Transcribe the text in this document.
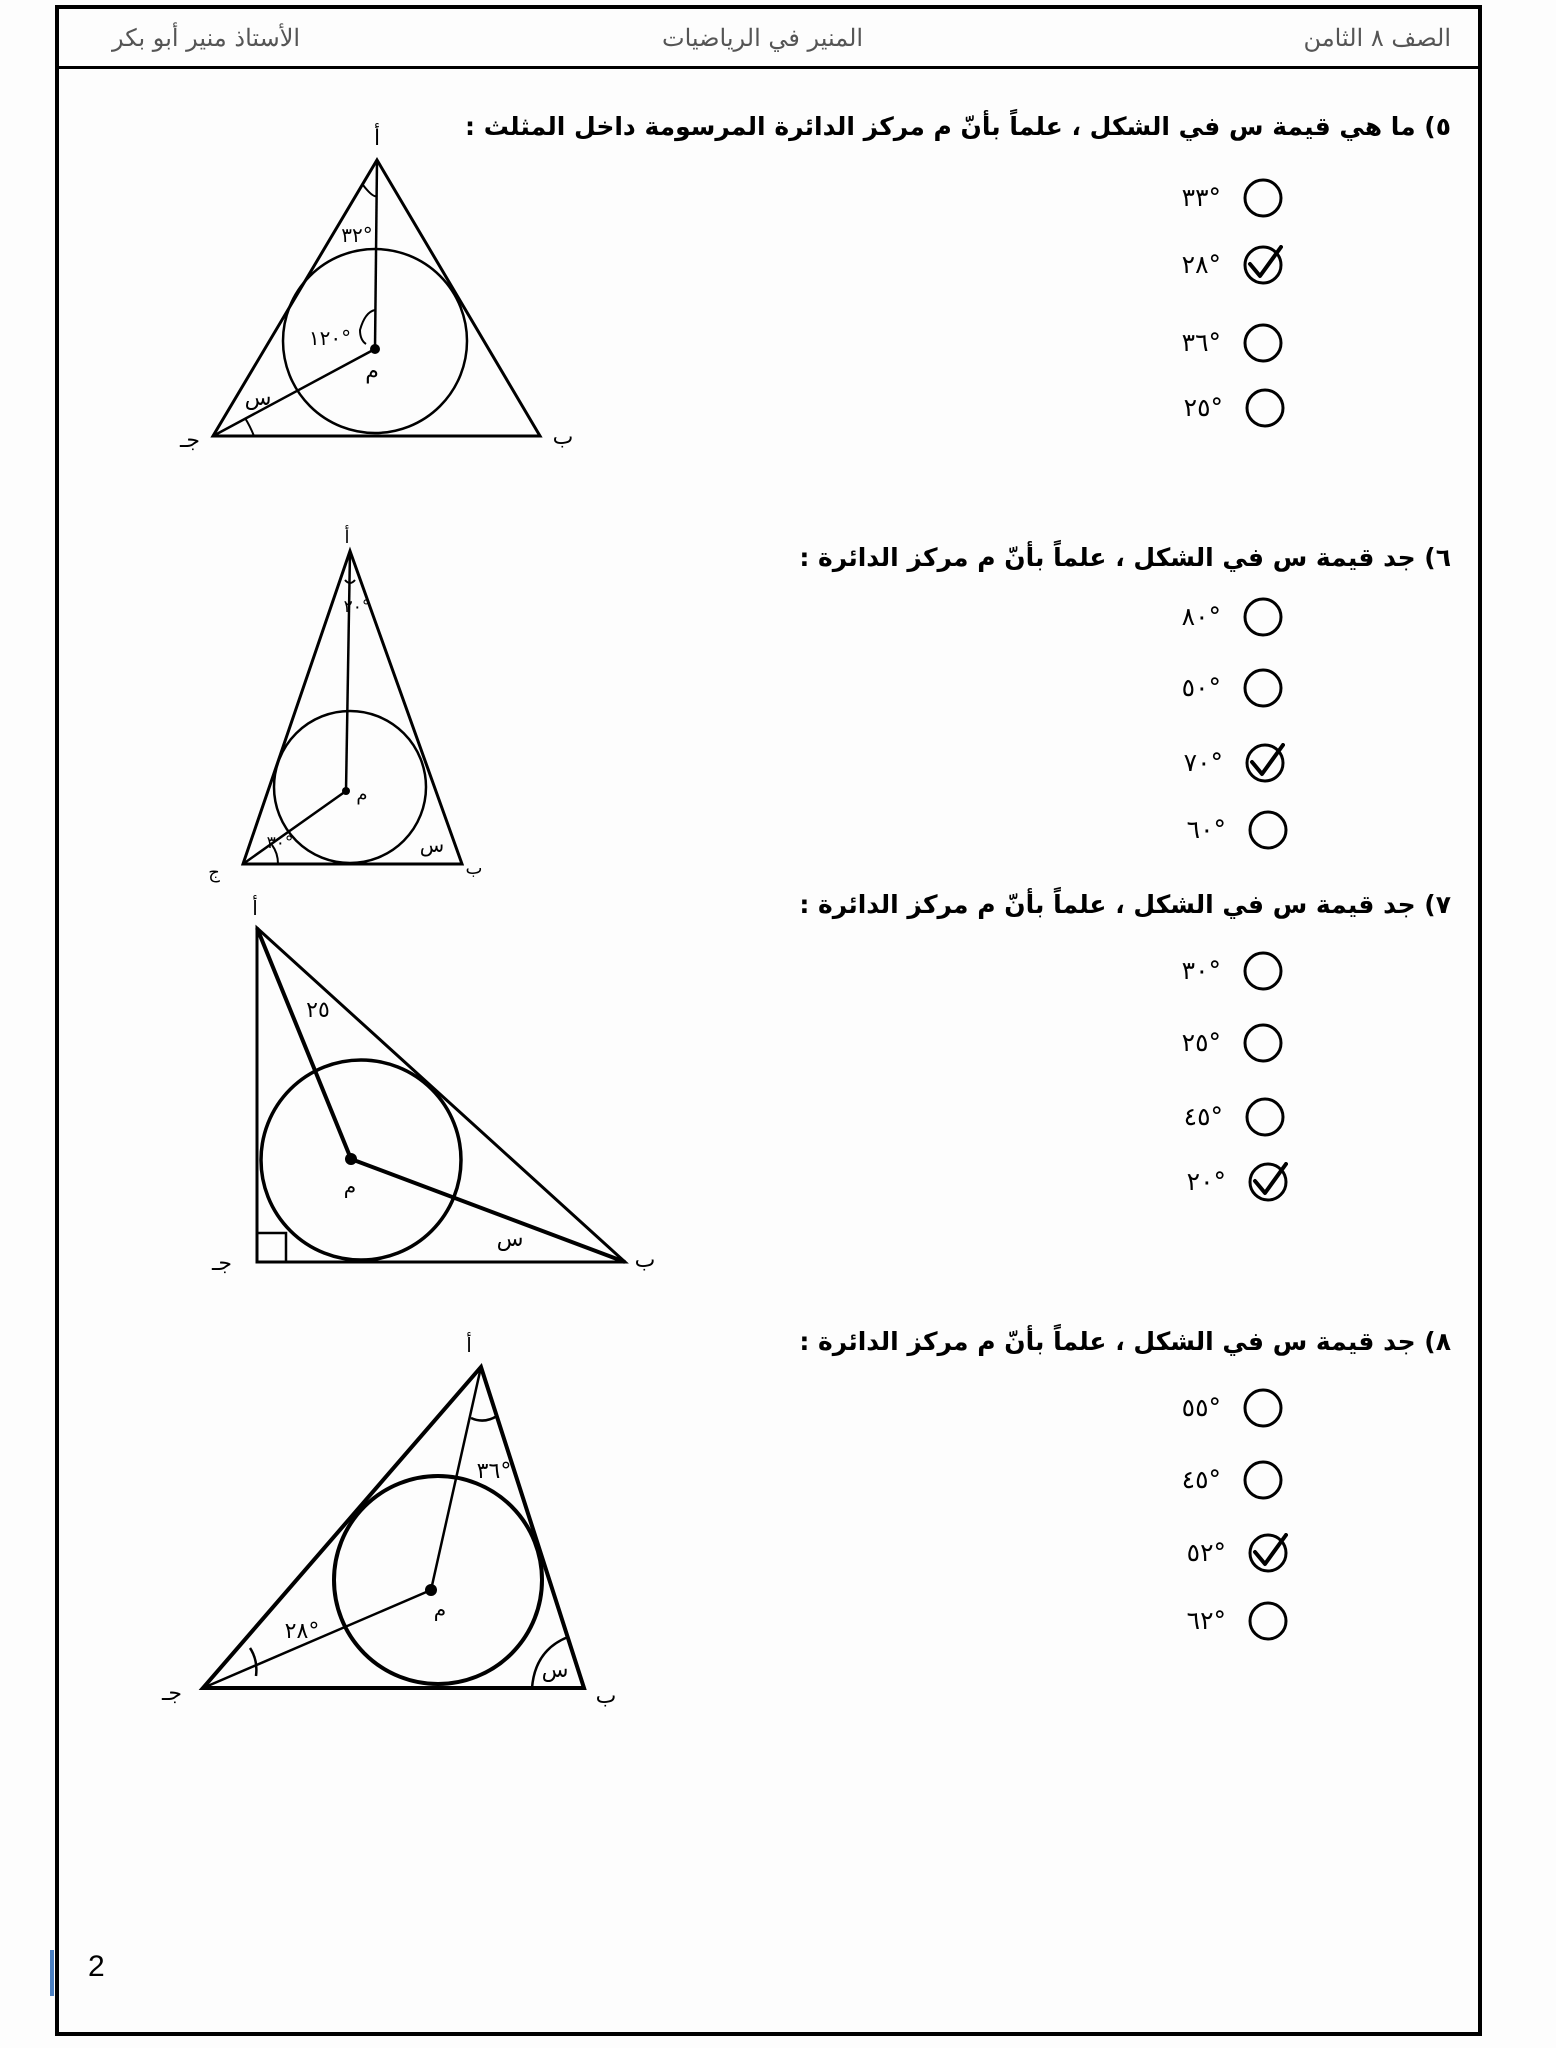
الصف ٨ الثامن
المنير في الرياضيات
الأستاذ منير أبو بكر
٥) ما هي قيمة س في الشكل ، علماً بأنّ م مركز الدائرة المرسومة داخل المثلث :
°٣٣
°٢٨
°٣٦
°٢٥
أ
ب
جـ
م
س
°٣٢
°١٢٠
٦) جد قيمة س في الشكل ، علماً بأنّ م مركز الدائرة :
°٨٠
°٥٠
°٧٠
°٦٠
أ
ب
ج
م
س
°٢٠
°٣٠
٧) جد قيمة س في الشكل ، علماً بأنّ م مركز الدائرة :
°٣٠
°٢٥
°٤٥
°٢٠
أ
ب
جـ
م
س
٢٥
٨) جد قيمة س في الشكل ، علماً بأنّ م مركز الدائرة :
°٥٥
°٤٥
°٥٢
°٦٢
أ
ب
جـ
م
س
°٣٦
°٢٨
2
